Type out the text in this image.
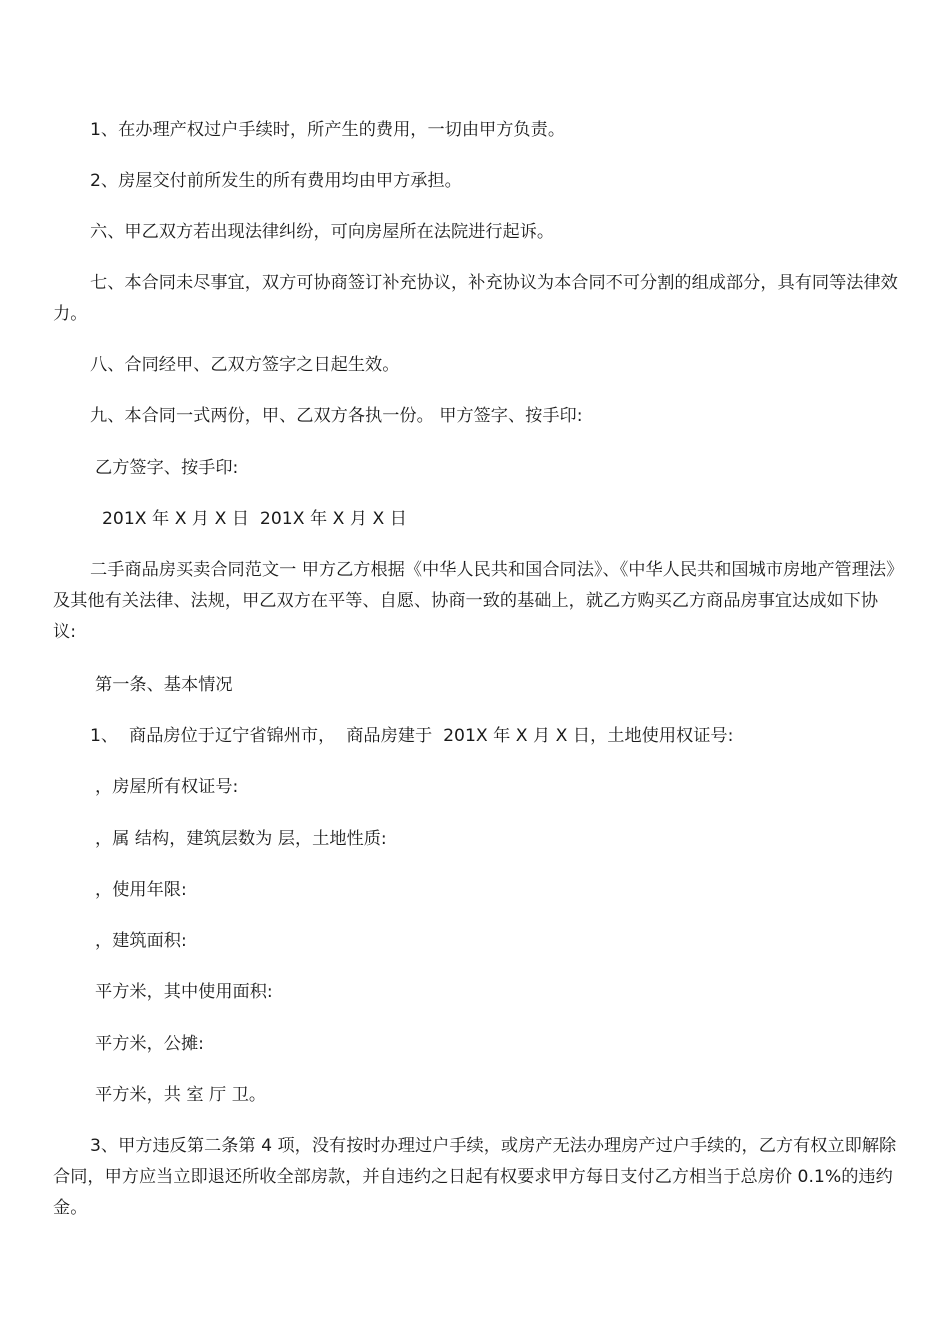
1、在办理产权过户手续时，所产生的费用，一切由甲方负责。

2、房屋交付前所发生的所有费用均由甲方承担。

六、甲乙双方若出现法律纠纷，可向房屋所在法院进行起诉。

七、本合同未尽事宜，双方可协商签订补充协议，补充协议为本合同不可分割的组成部分，具有同等法律效力。

八、合同经甲、乙双方签字之日起生效。

九、本合同一式两份，甲、乙双方各执一份。 甲方签字、按手印:

乙方签字、按手印:

201X 年 X 月 X 日  201X 年 X 月 X 日

二手商品房买卖合同范文一 甲方乙方根据《中华人民共和国合同法》、《中华人民共和国城市房地产管理法》及其他有关法律、法规，甲乙双方在平等、自愿、协商一致的基础上，就乙方购买乙方商品房事宜达成如下协议:

第一条、基本情况

1、  商品房位于辽宁省锦州市，  商品房建于  201X 年 X 月 X 日，土地使用权证号:

，房屋所有权证号:

，属 结构，建筑层数为 层，土地性质:

，使用年限:

，建筑面积:

平方米，其中使用面积:

平方米，公摊:

平方米，共 室 厅 卫。

3、甲方违反第二条第 4 项，没有按时办理过户手续，或房产无法办理房产过户手续的，乙方有权立即解除合同，甲方应当立即退还所收全部房款，并自违约之日起有权要求甲方每日支付乙方相当于总房价 0.1%的违约金。
